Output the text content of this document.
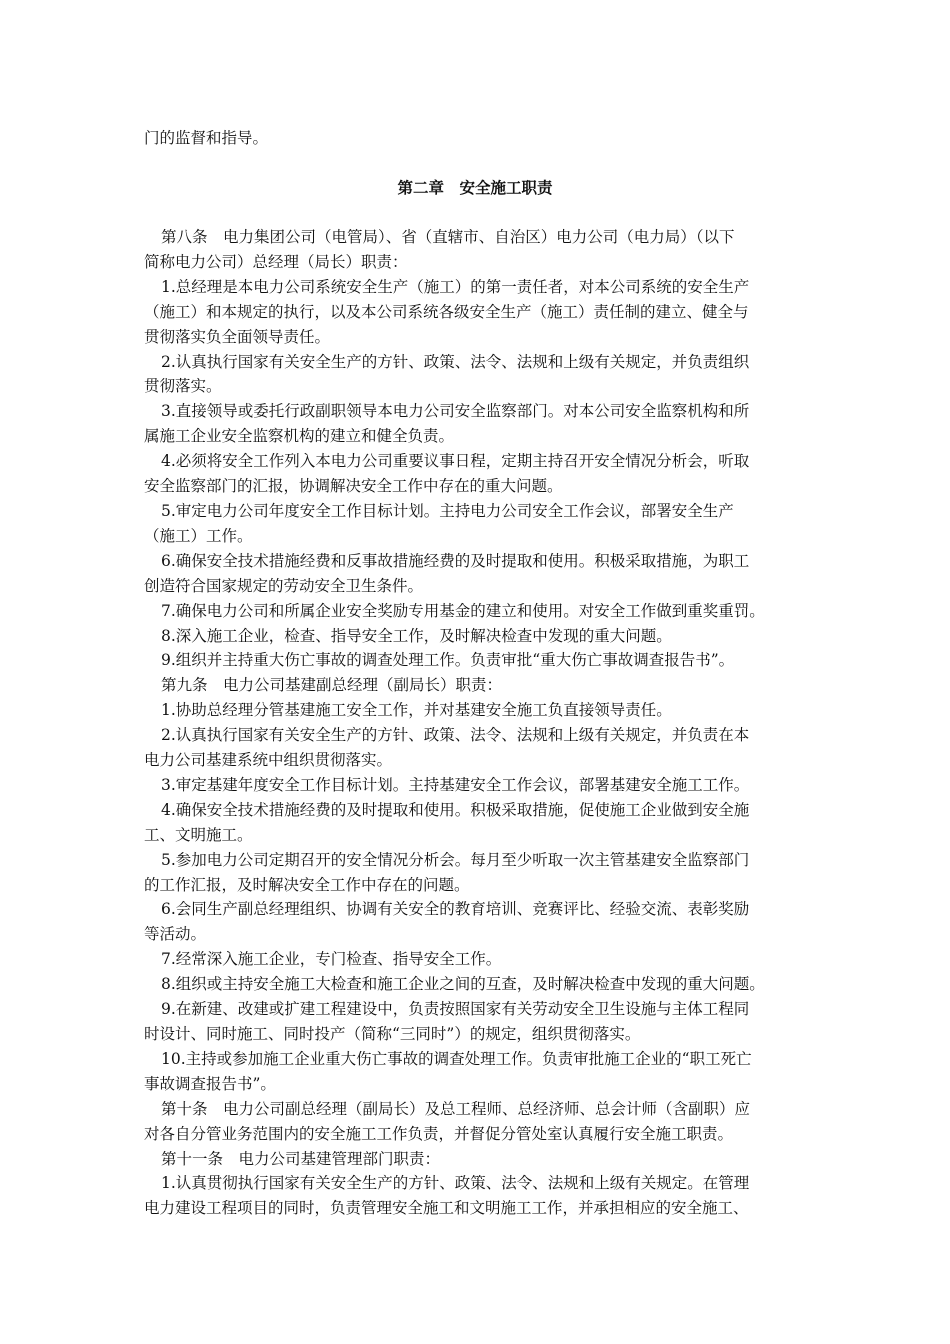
门的监督和指导。
第二章　安全施工职责
第八条　电力集团公司（电管局）、省（直辖市、自治区）电力公司（电力局）（以下
简称电力公司）总经理（局长）职责：
1.总经理是本电力公司系统安全生产（施工）的第一责任者，对本公司系统的安全生产
（施工）和本规定的执行，以及本公司系统各级安全生产（施工）责任制的建立、健全与
贯彻落实负全面领导责任。
2.认真执行国家有关安全生产的方针、政策、法令、法规和上级有关规定，并负责组织
贯彻落实。
3.直接领导或委托行政副职领导本电力公司安全监察部门。对本公司安全监察机构和所
属施工企业安全监察机构的建立和健全负责。
4.必须将安全工作列入本电力公司重要议事日程，定期主持召开安全情况分析会，听取
安全监察部门的汇报，协调解决安全工作中存在的重大问题。
5.审定电力公司年度安全工作目标计划。主持电力公司安全工作会议，部署安全生产
（施工）工作。
6.确保安全技术措施经费和反事故措施经费的及时提取和使用。积极采取措施，为职工
创造符合国家规定的劳动安全卫生条件。
7.确保电力公司和所属企业安全奖励专用基金的建立和使用。对安全工作做到重奖重罚。
8.深入施工企业，检查、指导安全工作，及时解决检查中发现的重大问题。
9.组织并主持重大伤亡事故的调查处理工作。负责审批“重大伤亡事故调查报告书”。
第九条　电力公司基建副总经理（副局长）职责：
1.协助总经理分管基建施工安全工作，并对基建安全施工负直接领导责任。
2.认真执行国家有关安全生产的方针、政策、法令、法规和上级有关规定，并负责在本
电力公司基建系统中组织贯彻落实。
3.审定基建年度安全工作目标计划。主持基建安全工作会议，部署基建安全施工工作。
4.确保安全技术措施经费的及时提取和使用。积极采取措施，促使施工企业做到安全施
工、文明施工。
5.参加电力公司定期召开的安全情况分析会。每月至少听取一次主管基建安全监察部门
的工作汇报，及时解决安全工作中存在的问题。
6.会同生产副总经理组织、协调有关安全的教育培训、竞赛评比、经验交流、表彰奖励
等活动。
7.经常深入施工企业，专门检查、指导安全工作。
8.组织或主持安全施工大检查和施工企业之间的互查，及时解决检查中发现的重大问题。
9.在新建、改建或扩建工程建设中，负责按照国家有关劳动安全卫生设施与主体工程同
时设计、同时施工、同时投产（简称“三同时”）的规定，组织贯彻落实。
10.主持或参加施工企业重大伤亡事故的调查处理工作。负责审批施工企业的“职工死亡
事故调查报告书”。
第十条　电力公司副总经理（副局长）及总工程师、总经济师、总会计师（含副职）应
对各自分管业务范围内的安全施工工作负责，并督促分管处室认真履行安全施工职责。
第十一条　电力公司基建管理部门职责：
1.认真贯彻执行国家有关安全生产的方针、政策、法令、法规和上级有关规定。在管理
电力建设工程项目的同时，负责管理安全施工和文明施工工作，并承担相应的安全施工、
